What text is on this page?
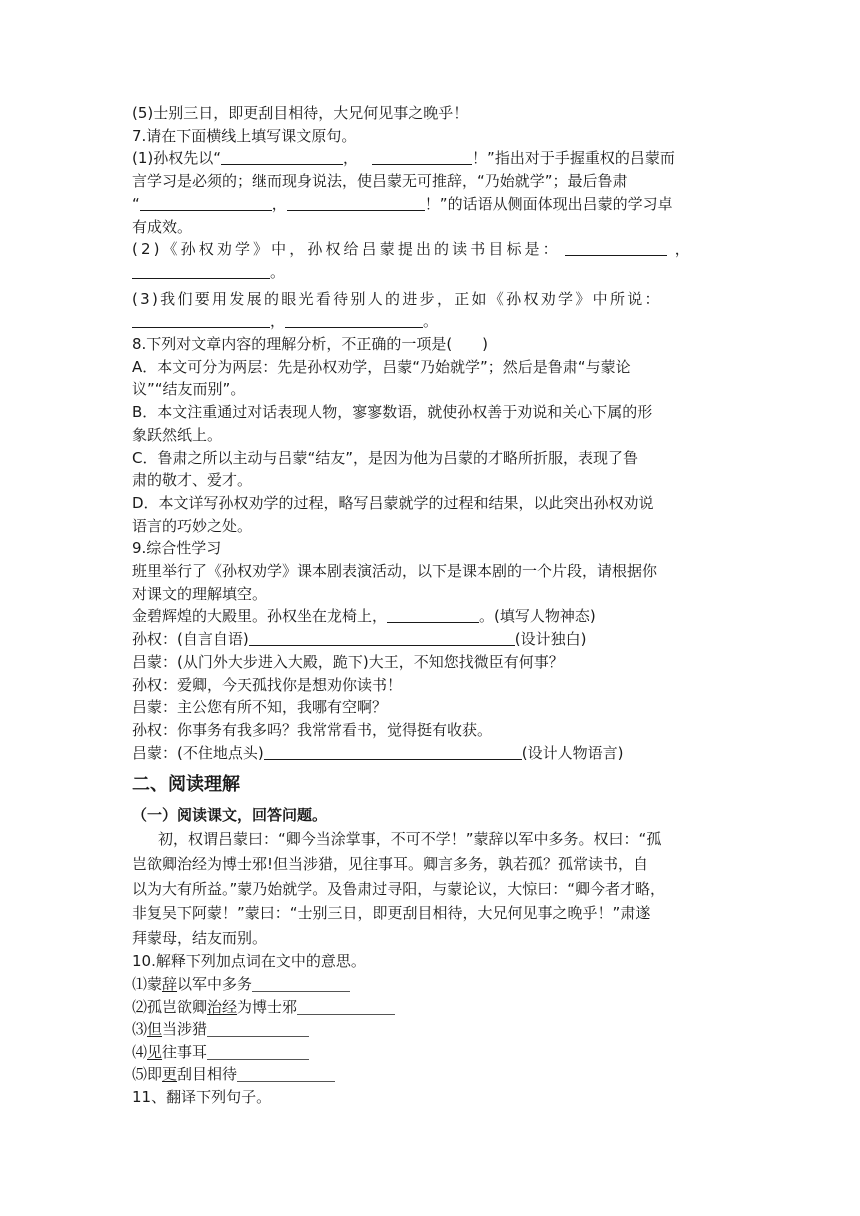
(5)士别三日，即更刮目相待，大兄何见事之晚乎！
7.请在下面横线上填写课文原句。
(1)孙权先以“	，	！”指出对于手握重权的吕蒙而
言学习是必须的；继而现身说法，使吕蒙无可推辞，“乃始就学”；最后鲁肃
“	，	！”的话语从侧面体现出吕蒙的学习卓
有成效。
(2)《孙权劝学》中，孙权给吕蒙提出的读书目标是：	，
。
(3)我们要用发展的眼光看待别人的进步，正如《孙权劝学》中所说：
，	。
8.下列对文章内容的理解分析，不正确的一项是(　　)
A．本文可分为两层：先是孙权劝学，吕蒙“乃始就学”；然后是鲁肃“与蒙论
议”“结友而别”。
B．本文注重通过对话表现人物，寥寥数语，就使孙权善于劝说和关心下属的形
象跃然纸上。
C．鲁肃之所以主动与吕蒙“结友”，是因为他为吕蒙的才略所折服，表现了鲁
肃的敬才、爱才。
D．本文详写孙权劝学的过程，略写吕蒙就学的过程和结果，以此突出孙权劝说
语言的巧妙之处。
9.综合性学习
班里举行了《孙权劝学》课本剧表演活动，以下是课本剧的一个片段，请根据你
对课文的理解填空。
金碧辉煌的大殿里。孙权坐在龙椅上，	。(填写人物神态)
孙权：(自言自语)	(设计独白)
吕蒙：(从门外大步进入大殿，跪下)大王，不知您找微臣有何事？
孙权：爱卿，今天孤找你是想劝你读书！
吕蒙：主公您有所不知，我哪有空啊？
孙权：你事务有我多吗？我常常看书，觉得挺有收获。
吕蒙：(不住地点头)	(设计人物语言)
二、阅读理解
（一）阅读课文，回答问题。
初，权谓吕蒙曰：“卿今当涂掌事，不可不学！”蒙辞以军中多务。权曰：“孤
岂欲卿治经为博士邪!但当涉猎，见往事耳。卿言多务，孰若孤？孤常读书，自
以为大有所益。”蒙乃始就学。及鲁肃过寻阳，与蒙论议，大惊曰：“卿今者才略，
非复吴下阿蒙！”蒙曰：“士别三日，即更刮目相待，大兄何见事之晚乎！”肃遂
拜蒙母，结友而别。
10.解释下列加点词在文中的意思。
⑴蒙辞以军中多务
⑵孤岂欲卿治经为博士邪
⑶但当涉猎
⑷见往事耳
⑸即更刮目相待
11、翻译下列句子。
